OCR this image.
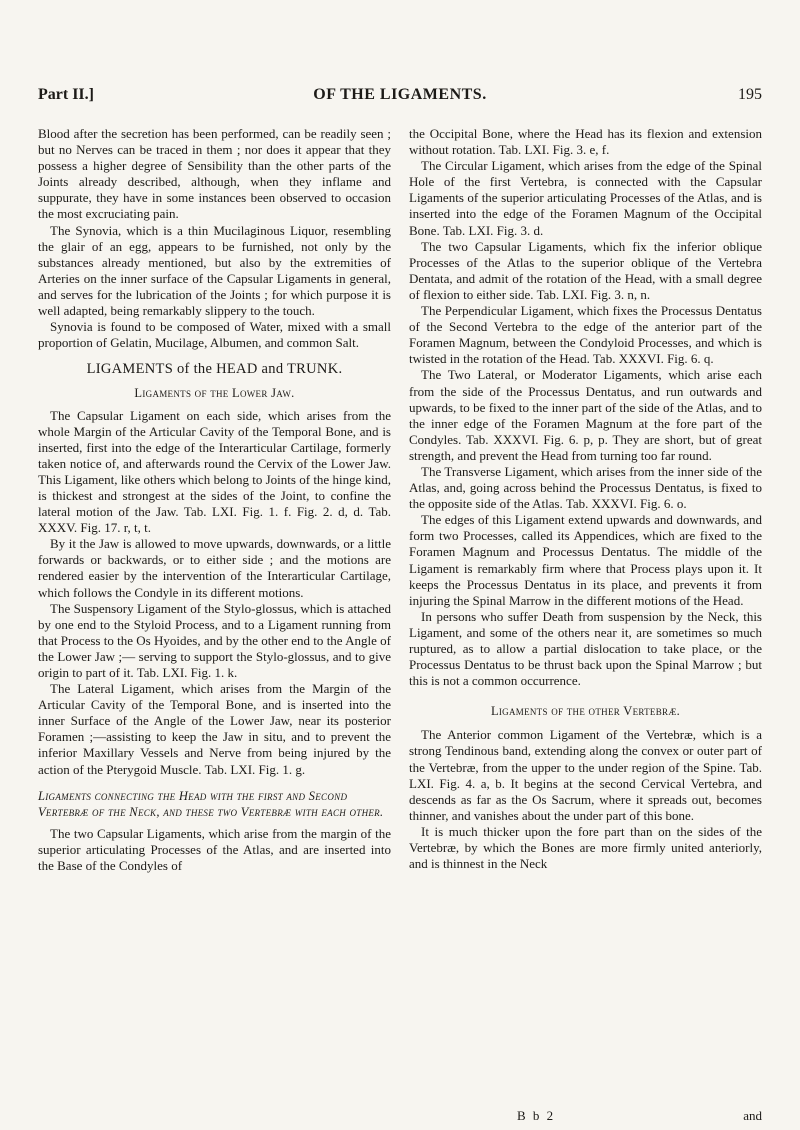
Part II.]	OF THE LIGAMENTS.	195

Blood after the secretion has been performed, can be readily seen ; but no Nerves can be traced in them ; nor does it appear that they possess a higher degree of Sensibility than the other parts of the Joints already described, although, when they inflame and suppurate, they have in some instances been observed to occasion the most excruciating pain.

The Synovia, which is a thin Mucilaginous Liquor, resembling the glair of an egg, appears to be furnished, not only by the substances already mentioned, but also by the extremities of Arteries on the inner surface of the Capsular Ligaments in general, and serves for the lubrication of the Joints ; for which purpose it is well adapted, being remarkably slippery to the touch.

Synovia is found to be composed of Water, mixed with a small proportion of Gelatin, Mucilage, Albumen, and common Salt.

LIGAMENTS of the HEAD and TRUNK.

Ligaments of the Lower Jaw.

The Capsular Ligament on each side, which arises from the whole Margin of the Articular Cavity of the Temporal Bone, and is inserted, first into the edge of the Interarticular Cartilage, formerly taken notice of, and afterwards round the Cervix of the Lower Jaw. This Ligament, like others which belong to Joints of the hinge kind, is thickest and strongest at the sides of the Joint, to confine the lateral motion of the Jaw. Tab. LXI. Fig. 1. f. Fig. 2. d, d. Tab. XXXV. Fig. 17. r, t, t.

By it the Jaw is allowed to move upwards, downwards, or a little forwards or backwards, or to either side ; and the motions are rendered easier by the intervention of the Interarticular Cartilage, which follows the Condyle in its different motions.

The Suspensory Ligament of the Stylo-glossus, which is attached by one end to the Styloid Process, and to a Ligament running from that Process to the Os Hyoides, and by the other end to the Angle of the Lower Jaw ;— serving to support the Stylo-glossus, and to give origin to part of it. Tab. LXI. Fig. 1. k.

The Lateral Ligament, which arises from the Margin of the Articular Cavity of the Temporal Bone, and is inserted into the inner Surface of the Angle of the Lower Jaw, near its posterior Foramen ;—assisting to keep the Jaw in situ, and to prevent the inferior Maxillary Vessels and Nerve from being injured by the action of the Pterygoid Muscle. Tab. LXI. Fig. 1. g.

Ligaments connecting the Head with the first and Second Vertebræ of the Neck, and these two Vertebræ with each other.

The two Capsular Ligaments, which arise from the margin of the superior articulating Processes of the Atlas, and are inserted into the Base of the Condyles of

the Occipital Bone, where the Head has its flexion and extension without rotation. Tab. LXI. Fig. 3. e, f.

The Circular Ligament, which arises from the edge of the Spinal Hole of the first Vertebra, is connected with the Capsular Ligaments of the superior articulating Processes of the Atlas, and is inserted into the edge of the Foramen Magnum of the Occipital Bone. Tab. LXI. Fig. 3. d.

The two Capsular Ligaments, which fix the inferior oblique Processes of the Atlas to the superior oblique of the Vertebra Dentata, and admit of the rotation of the Head, with a small degree of flexion to either side. Tab. LXI. Fig. 3. n, n.

The Perpendicular Ligament, which fixes the Processus Dentatus of the Second Vertebra to the edge of the anterior part of the Foramen Magnum, between the Condyloid Processes, and which is twisted in the rotation of the Head. Tab. XXXVI. Fig. 6. q.

The Two Lateral, or Moderator Ligaments, which arise each from the side of the Processus Dentatus, and run outwards and upwards, to be fixed to the inner part of the side of the Atlas, and to the inner edge of the Foramen Magnum at the fore part of the Condyles. Tab. XXXVI. Fig. 6. p, p. They are short, but of great strength, and prevent the Head from turning too far round.

The Transverse Ligament, which arises from the inner side of the Atlas, and, going across behind the Processus Dentatus, is fixed to the opposite side of the Atlas. Tab. XXXVI. Fig. 6. o.

The edges of this Ligament extend upwards and downwards, and form two Processes, called its Appendices, which are fixed to the Foramen Magnum and Processus Dentatus. The middle of the Ligament is remarkably firm where that Process plays upon it. It keeps the Processus Dentatus in its place, and prevents it from injuring the Spinal Marrow in the different motions of the Head.

In persons who suffer Death from suspension by the Neck, this Ligament, and some of the others near it, are sometimes so much ruptured, as to allow a partial dislocation to take place, or the Processus Dentatus to be thrust back upon the Spinal Marrow ; but this is not a common occurrence.

Ligaments of the other Vertebræ.

The Anterior common Ligament of the Vertebræ, which is a strong Tendinous band, extending along the convex or outer part of the Vertebræ, from the upper to the under region of the Spine. Tab. LXI. Fig. 4. a, b. It begins at the second Cervical Vertebra, and descends as far as the Os Sacrum, where it spreads out, becomes thinner, and vanishes about the under part of this bone.

It is much thicker upon the fore part than on the sides of the Vertebræ, by which the Bones are more firmly united anteriorly, and is thinnest in the Neck

B b 2	and
